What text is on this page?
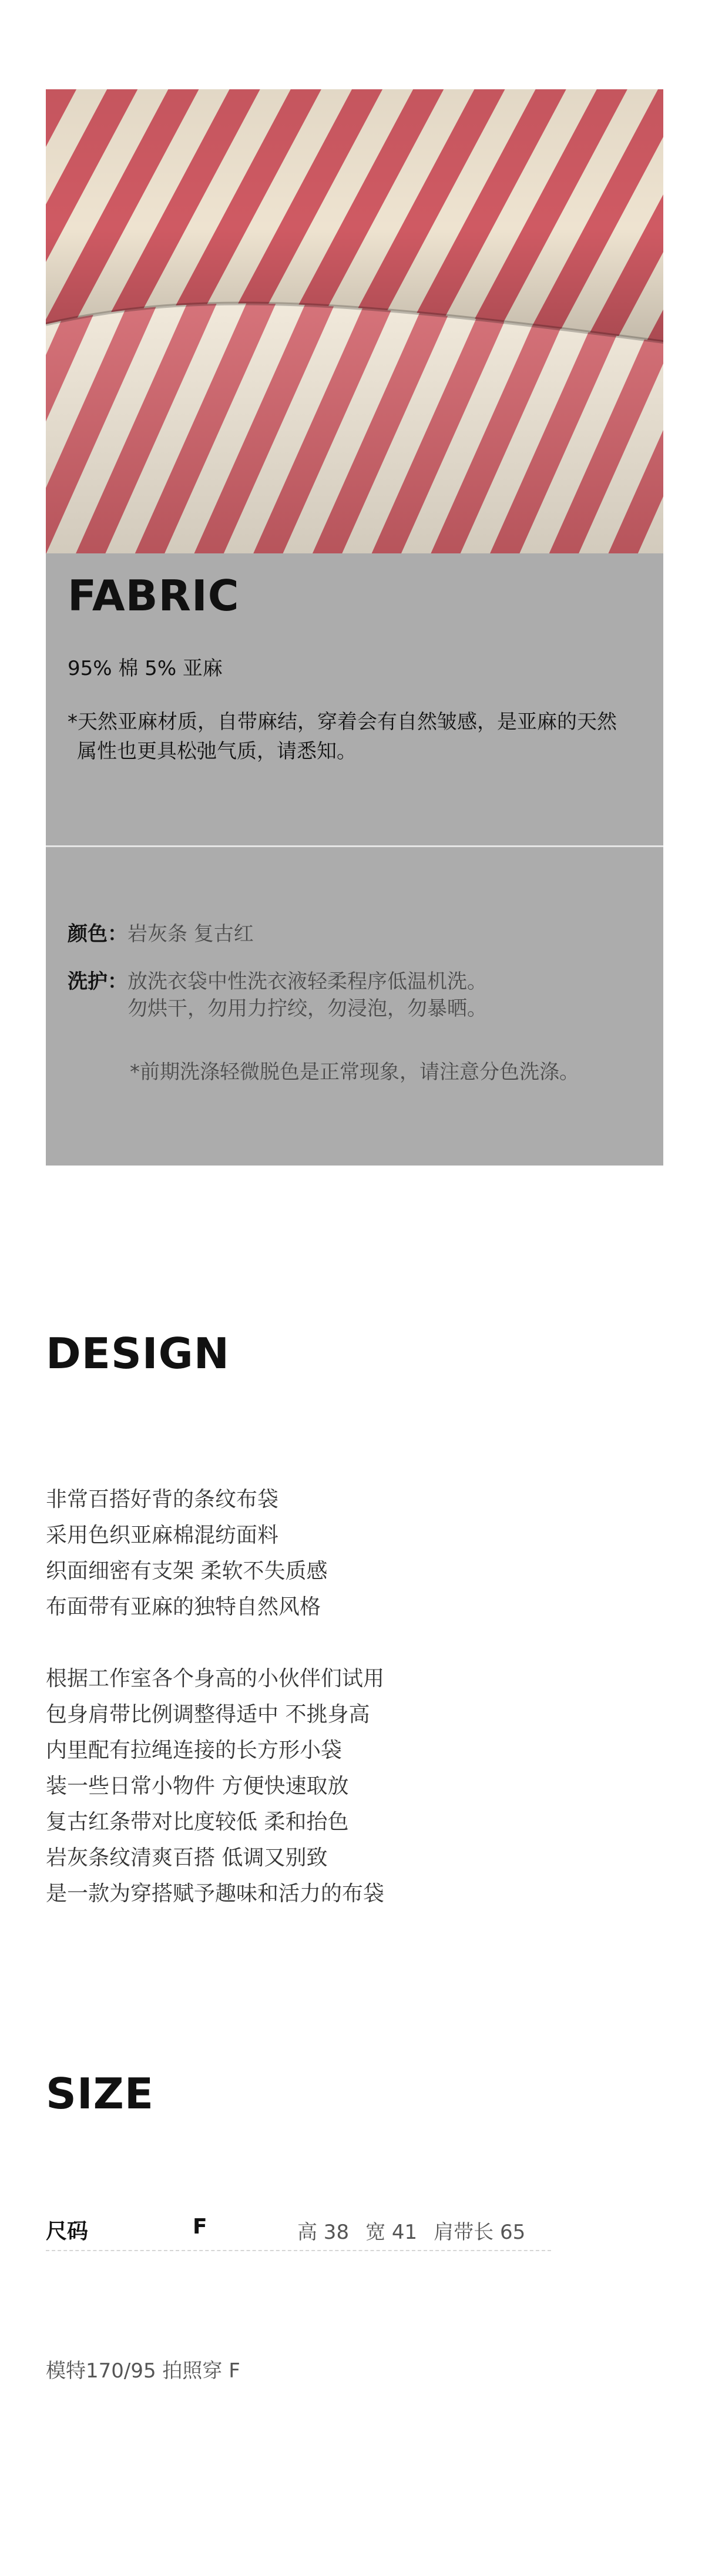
FABRIC
95% 棉 5% 亚麻
*天然亚麻材质，自带麻结，穿着会有自然皱感，是亚麻的天然
属性也更具松弛气质，请悉知。
颜色：岩灰条 复古红
洗护： 放洗衣袋中性洗衣液轻柔程序低温机洗。
勿烘干，勿用力拧绞，勿浸泡，勿暴晒。
*前期洗涤轻微脱色是正常现象，请注意分色洗涤。
DESIGN
非常百搭好背的条纹布袋
采用色织亚麻棉混纺面料
织面细密有支架 柔软不失质感
布面带有亚麻的独特自然风格
根据工作室各个身高的小伙伴们试用
包身肩带比例调整得适中 不挑身高
内里配有拉绳连接的长方形小袋
装一些日常小物件 方便快速取放
复古红条带对比度较低 柔和抬色
岩灰条纹清爽百搭 低调又别致
是一款为穿搭赋予趣味和活力的布袋
SIZE
尺码	F	高 38 宽 41 肩带长 65
模特170/95 拍照穿 F
